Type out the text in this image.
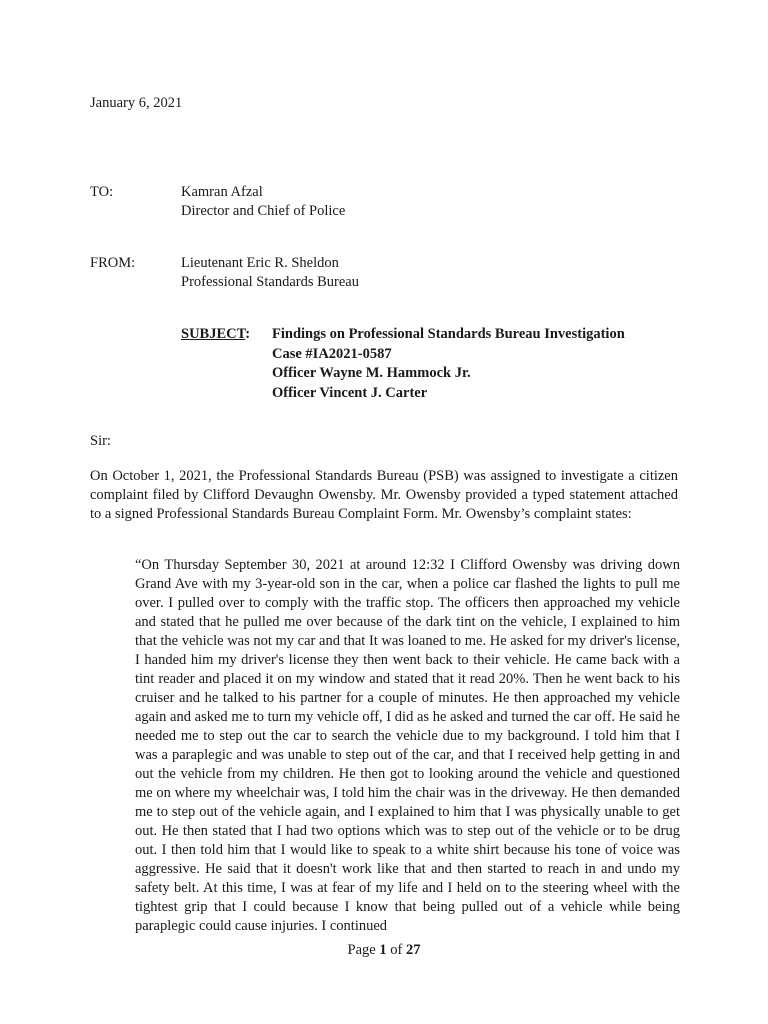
January 6, 2021
TO:	Kamran Afzal
Director and Chief of Police
FROM:	Lieutenant Eric R. Sheldon
Professional Standards Bureau
SUBJECT: Findings on Professional Standards Bureau Investigation
Case #IA2021-0587
Officer Wayne M. Hammock Jr.
Officer Vincent J. Carter
Sir:

On October 1, 2021, the Professional Standards Bureau (PSB) was assigned to investigate a citizen complaint filed by Clifford Devaughn Owensby. Mr. Owensby provided a typed statement attached to a signed Professional Standards Bureau Complaint Form. Mr. Owensby’s complaint states:

“On Thursday September 30, 2021 at around 12:32 I Clifford Owensby was driving down Grand Ave with my 3-year-old son in the car, when a police car flashed the lights to pull me over. I pulled over to comply with the traffic stop. The officers then approached my vehicle and stated that he pulled me over because of the dark tint on the vehicle, I explained to him that the vehicle was not my car and that It was loaned to me. He asked for my driver's license, I handed him my driver's license they then went back to their vehicle. He came back with a tint reader and placed it on my window and stated that it read 20%. Then he went back to his cruiser and he talked to his partner for a couple of minutes. He then approached my vehicle again and asked me to turn my vehicle off, I did as he asked and turned the car off. He said he needed me to step out the car to search the vehicle due to my background. I told him that I was a paraplegic and was unable to step out of the car, and that I received help getting in and out the vehicle from my children. He then got to looking around the vehicle and questioned me on where my wheelchair was, I told him the chair was in the driveway. He then demanded me to step out of the vehicle again, and I explained to him that I was physically unable to get out. He then stated that I had two options which was to step out of the vehicle or to be drug out. I then told him that I would like to speak to a white shirt because his tone of voice was aggressive. He said that it doesn't work like that and then started to reach in and undo my safety belt. At this time, I was at fear of my life and I held on to the steering wheel with the tightest grip that I could because I know that being pulled out of a vehicle while being paraplegic could cause injuries. I continued

Page 1 of 27
